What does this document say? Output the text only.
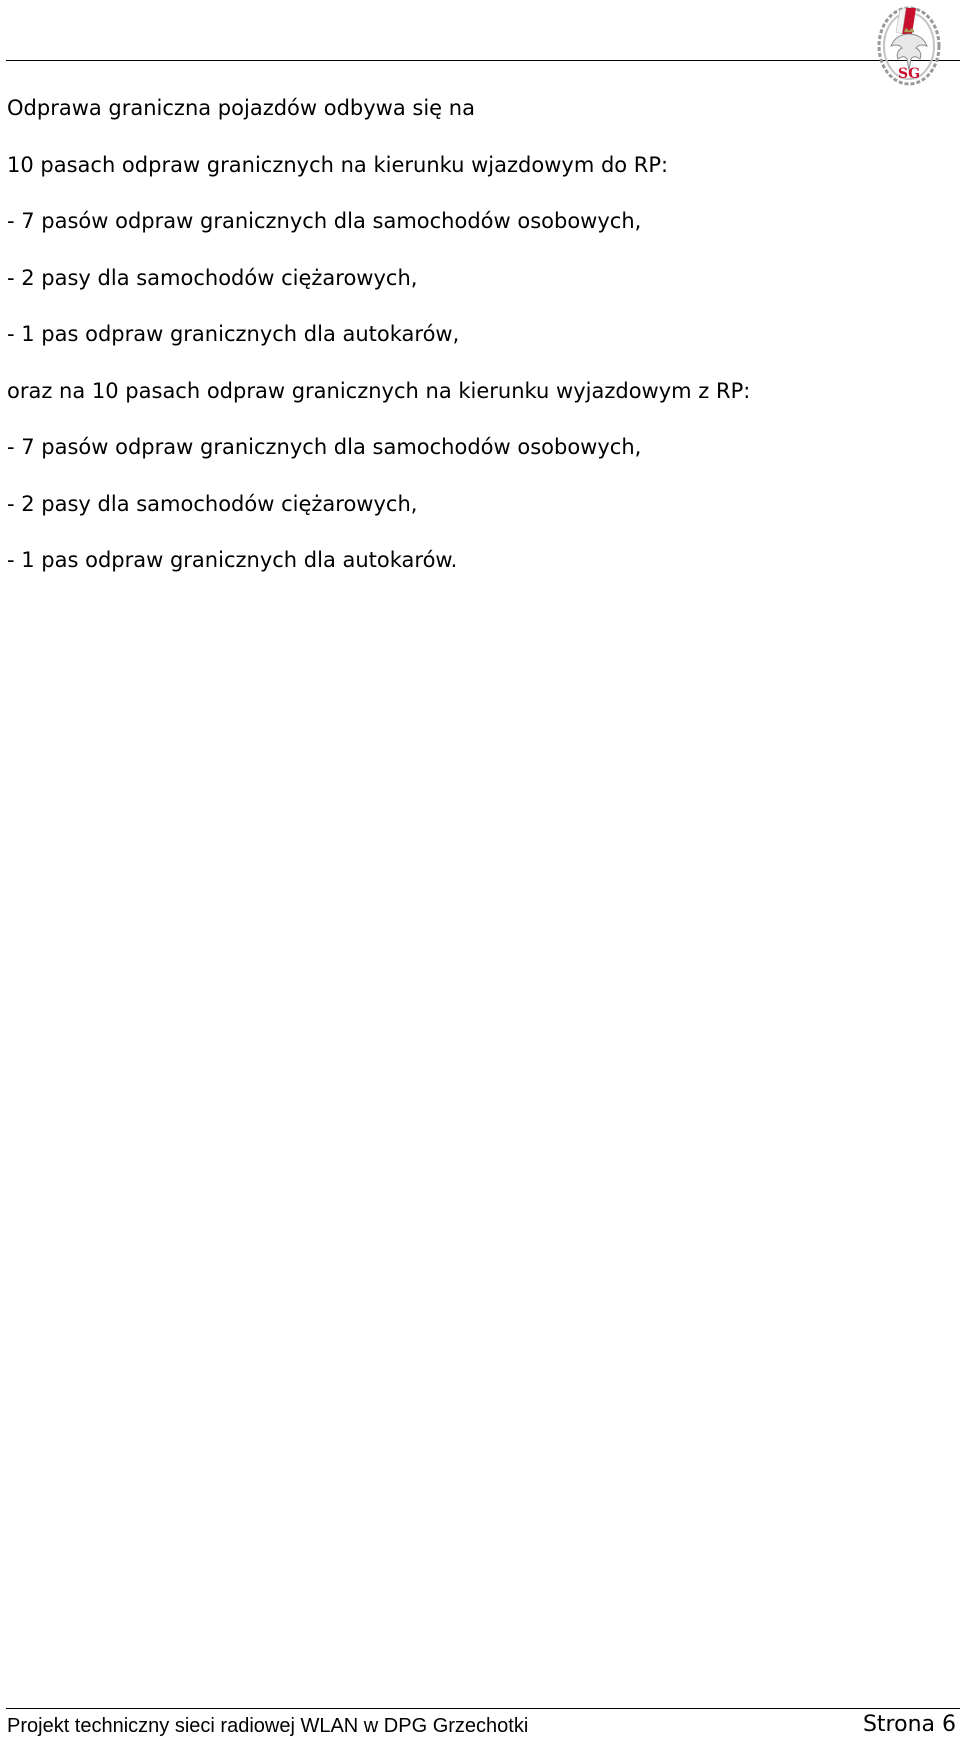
SG

Odprawa graniczna pojazdów odbywa się na

10 pasach odpraw granicznych na kierunku wjazdowym do RP:

- 7 pasów odpraw granicznych dla samochodów osobowych,

- 2 pasy dla samochodów ciężarowych,

- 1 pas odpraw granicznych dla autokarów,

oraz na 10 pasach odpraw granicznych na kierunku wyjazdowym z RP:

- 7 pasów odpraw granicznych dla samochodów osobowych,

- 2 pasy dla samochodów ciężarowych,

- 1 pas odpraw granicznych dla autokarów.

Projekt techniczny sieci radiowej WLAN w DPG Grzechotki	Strona 6
